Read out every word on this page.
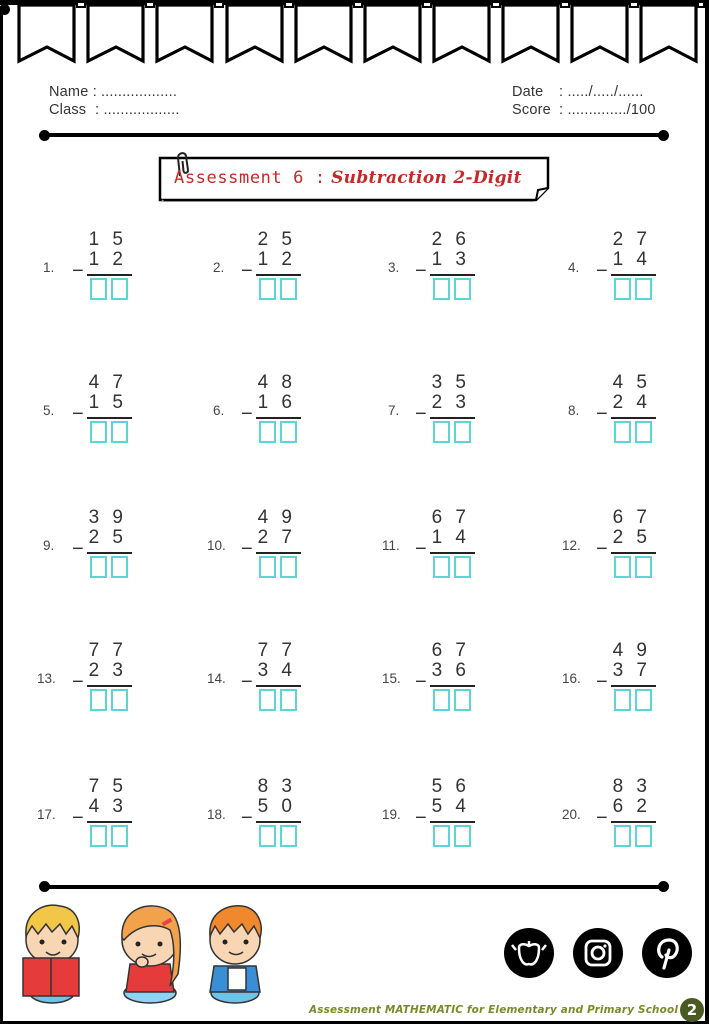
Name : ..................
Class : ..................
Date	: ...../...../......
Score : ............../100
Assessment 6 : Subtraction 2-Digit
1.
1 5
1 2
−	2.
2 5
1 2
−	3.
2 6
1 3
−	4.
2 7
1 4
−
5.
4 7
1 5
−	6.
4 8
1 6
−	7.
3 5
2 3
−	8.
4 5
2 4
−
9.
3 9
2 5
−	10.
4 9
2 7
−	11.
6 7
1 4
−	12.
6 7
2 5
−
13.
7 7
2 3
−	14.
7 7
3 4
−	15.
6 7
3 6
−	16.
4 9
3 7
−
17.
7 5
4 3
−	18.
8 3
5 0
−	19.
5 6
5 4
−	20.
8 3
6 2
−
Assessment MATHEMATIC for Elementary and Primary School 2
